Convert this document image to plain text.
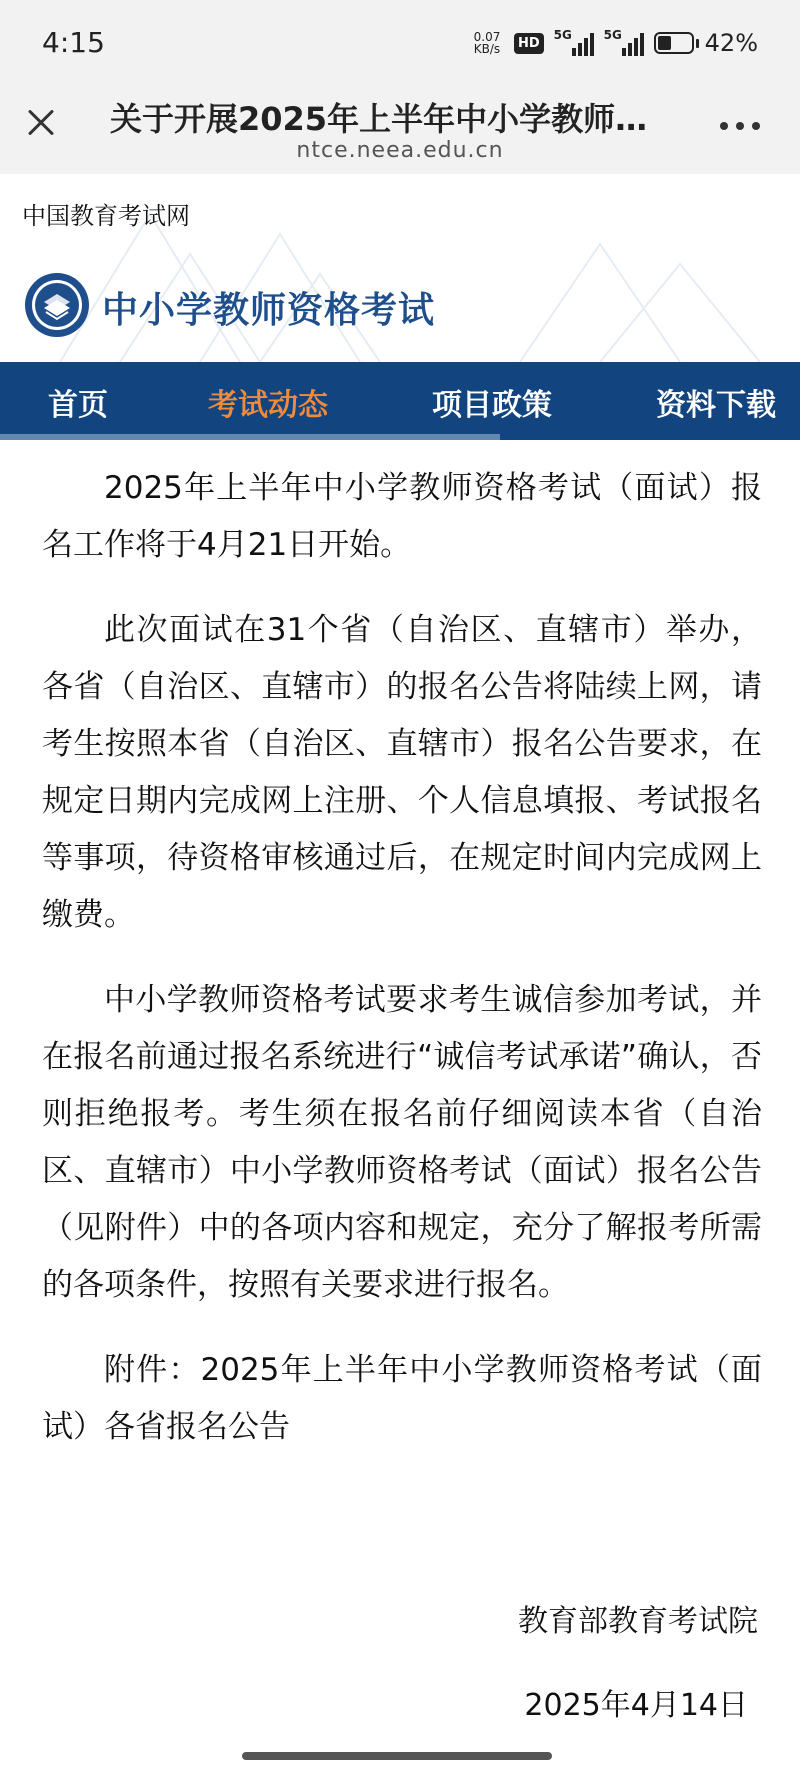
4:15	0.07
KB/s	HD
5G	5G	42%
关于开展2025年上半年中小学教师…
ntce.neea.edu.cn
中国教育考试网
中小学教师资格考试
首页	考试动态	项目政策	资料下载

2025年上半年中小学教师资格考试（面试）报名工作将于4月21日开始。

此次面试在31个省（自治区、直辖市）举办，各省（自治区、直辖市）的报名公告将陆续上网，请考生按照本省（自治区、直辖市）报名公告要求，在规定日期内完成网上注册、个人信息填报、考试报名等事项，待资格审核通过后，在规定时间内完成网上缴费。

中小学教师资格考试要求考生诚信参加考试，并在报名前通过报名系统进行“诚信考试承诺”确认，否则拒绝报考。考生须在报名前仔细阅读本省（自治区、直辖市）中小学教师资格考试（面试）报名公告（见附件）中的各项内容和规定，充分了解报考所需的各项条件，按照有关要求进行报名。

附件：2025年上半年中小学教师资格考试（面试）各省报名公告

教育部教育考试院
2025年4月14日
